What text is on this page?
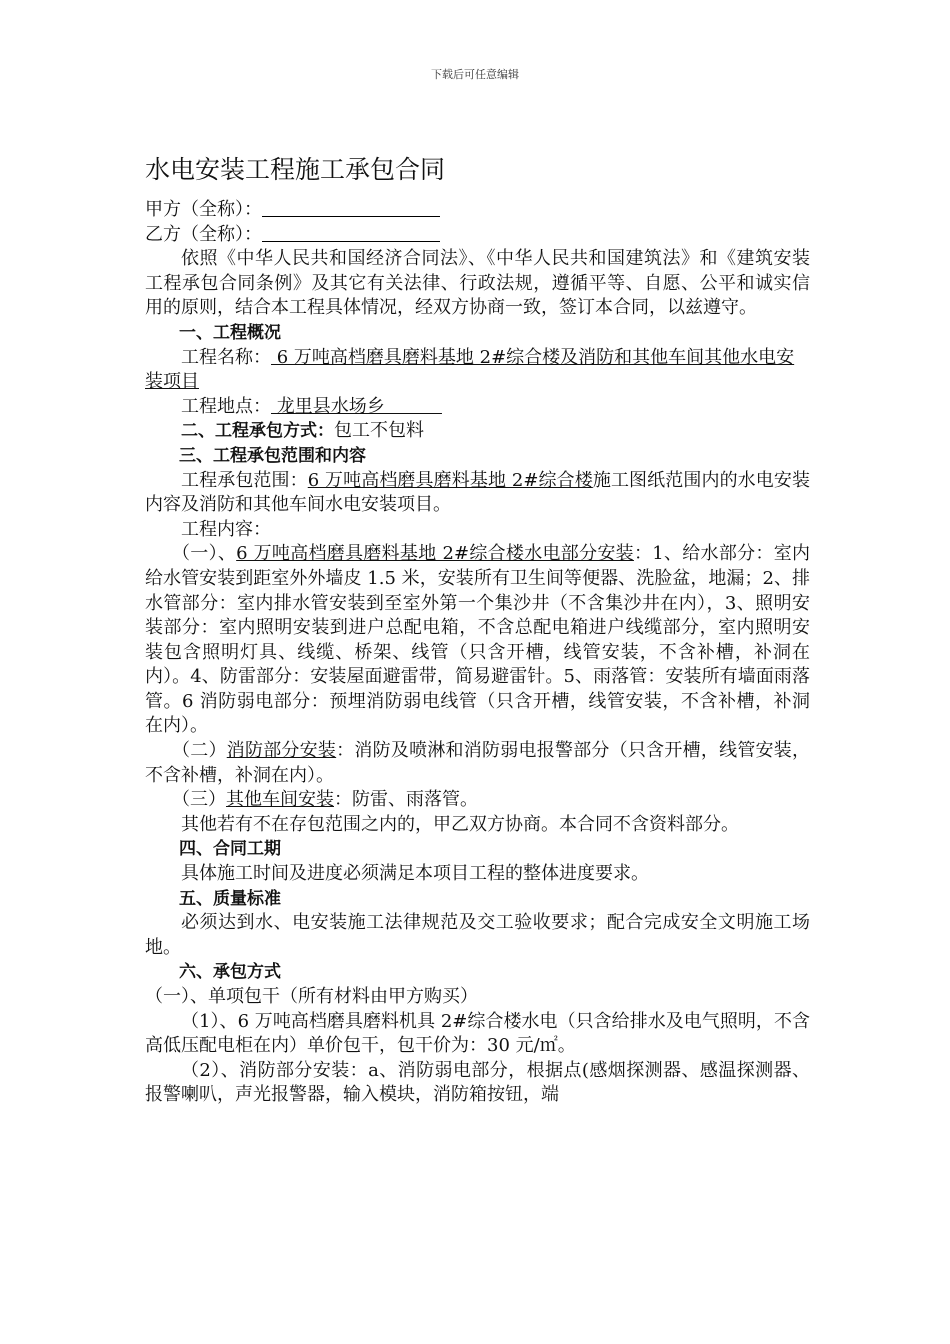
下载后可任意编辑
水电安装工程施工承包合同

甲方（全称）：

乙方（全称）：

依照《中华人民共和国经济合同法》、《中华人民共和国建筑法》和《建筑安装工程承包合同条例》及其它有关法律、行政法规，遵循平等、自愿、公平和诚实信用的原则，结合本工程具体情况，经双方协商一致，签订本合同，以兹遵守。

一、工程概况

工程名称： 6 万吨高档磨具磨料基地 2#综合楼及消防和其他车间其他水电安装项目

工程地点： 龙里县水场乡

二、工程承包方式：包工不包料

三、工程承包范围和内容

工程承包范围：6 万吨高档磨具磨料基地 2#综合楼施工图纸范围内的水电安装内容及消防和其他车间水电安装项目。

工程内容：

（一）、6 万吨高档磨具磨料基地 2#综合楼水电部分安装：1、给水部分：室内给水管安装到距室外外墙皮 1.5 米，安装所有卫生间等便器、洗脸盆，地漏；2、排水管部分：室内排水管安装到至室外第一个集沙井（不含集沙井在内），3、照明安装部分：室内照明安装到进户总配电箱，不含总配电箱进户线缆部分，室内照明安装包含照明灯具、线缆、桥架、线管（只含开槽，线管安装，不含补槽，补洞在内）。4、防雷部分：安装屋面避雷带，简易避雷针。5、雨落管：安装所有墙面雨落管。6 消防弱电部分：预埋消防弱电线管（只含开槽，线管安装，不含补槽，补洞在内）。

（二）消防部分安装：消防及喷淋和消防弱电报警部分（只含开槽，线管安装，不含补槽，补洞在内）。

（三）其他车间安装：防雷、雨落管。

其他若有不在存包范围之内的，甲乙双方协商。本合同不含资料部分。

四、合同工期

具体施工时间及进度必须满足本项目工程的整体进度要求。

五、质量标准

必须达到水、电安装施工法律规范及交工验收要求；配合完成安全文明施工场地。

六、承包方式

（一）、单项包干（所有材料由甲方购买）

（1）、6 万吨高档磨具磨料机具 2#综合楼水电（只含给排水及电气照明，不含高低压配电柜在内）单价包干，包干价为：30 元/㎡。

（2）、消防部分安装：a、消防弱电部分，根据点(感烟探测器、感温探测器、报警喇叭，声光报警器，输入模块，消防箱按钮，端
